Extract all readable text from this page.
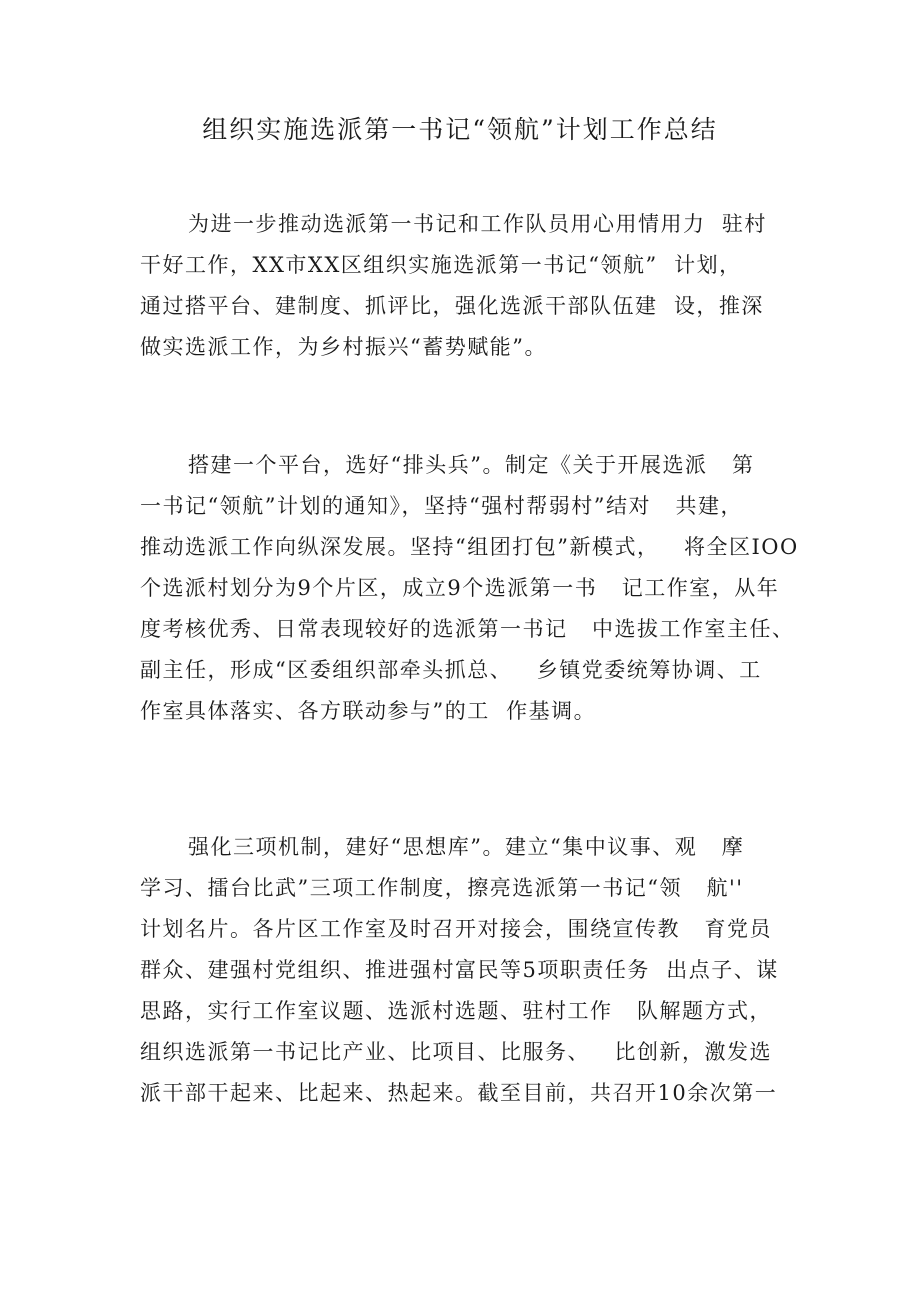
组织实施选派第一书记“领航”计划工作总结
为进一步推动选派第一书记和工作队员用心用情用力  驻村
干好工作，XX市XX区组织实施选派第一书记“领航”  计划，
通过搭平台、建制度、抓评比，强化选派干部队伍建  设，推深
做实选派工作，为乡村振兴“蓄势赋能”。
搭建一个平台，选好“排头兵”。制定《关于开展选派   第
一书记“领航”计划的通知》，坚持“强村帮弱村”结对   共建，
推动选派工作向纵深发展。坚持“组团打包”新模式，   将全区IOO
个选派村划分为9个片区，成立9个选派第一书   记工作室，从年
度考核优秀、日常表现较好的选派第一书记   中选拔工作室主任、
副主任，形成“区委组织部牵头抓总、   乡镇党委统筹协调、工
作室具体落实、各方联动参与”的工  作基调。
强化三项机制，建好“思想库”。建立“集中议事、观   摩
学习、擂台比武”三项工作制度，擦亮选派第一书记“领   航''
计划名片。各片区工作室及时召开对接会，围绕宣传教   育党员
群众、建强村党组织、推进强村富民等5项职责任务  出点子、谋
思路，实行工作室议题、选派村选题、驻村工作   队解题方式，
组织选派第一书记比产业、比项目、比服务、   比创新，激发选
派干部干起来、比起来、热起来。截至目前，共召开10余次第一
